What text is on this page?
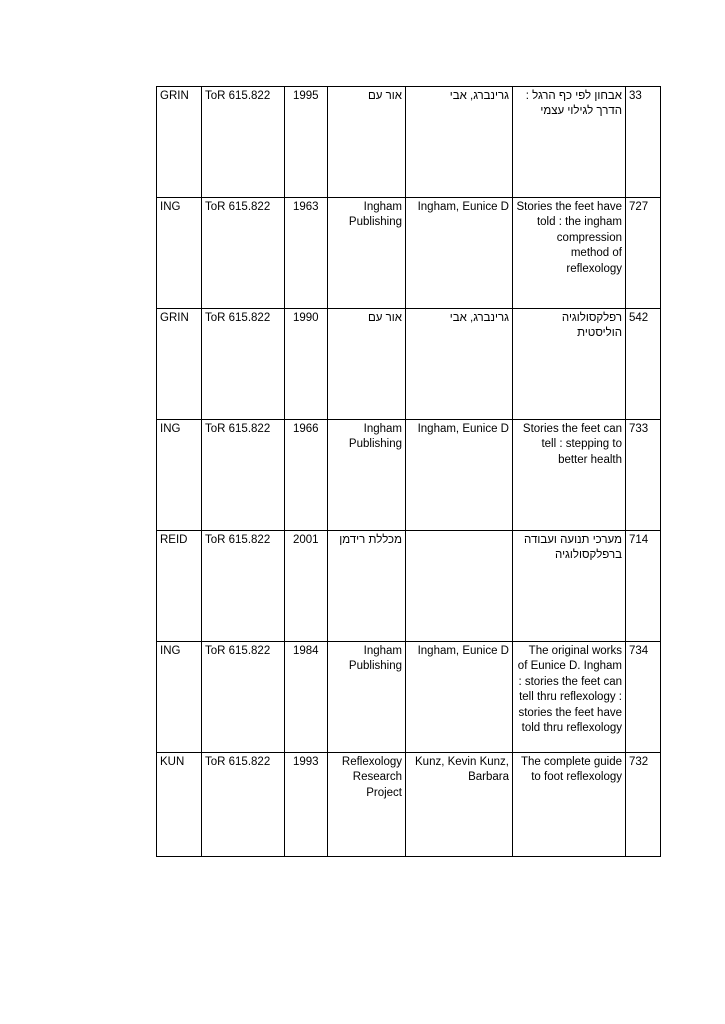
GRIN	ToR 615.822	1995	אור עם	גרינברג, אבי	אבחון לפי כף הרגל : הדרך לגילוי עצמי	33
ING	ToR 615.822	1963	Ingham Publishing	Ingham, Eunice D	Stories the feet have told : the ingham compression method of reflexology	727
GRIN	ToR 615.822	1990	אור עם	גרינברג, אבי	רפלקסולוגיה הוליסטית	542
ING	ToR 615.822	1966	Ingham Publishing	Ingham, Eunice D	Stories the feet can tell : stepping to better health	733
REID	ToR 615.822	2001	מכללת רידמן		מערכי תנועה ועבודה ברפלקסולוגיה	714
ING	ToR 615.822	1984	Ingham Publishing	Ingham, Eunice D	The original works of Eunice D. Ingham : stories the feet can tell thru reflexology : stories the feet have told thru reflexology	734
KUN	ToR 615.822	1993	Reflexology Research Project	Kunz, Kevin Kunz, Barbara	The complete guide to foot reflexology	732
